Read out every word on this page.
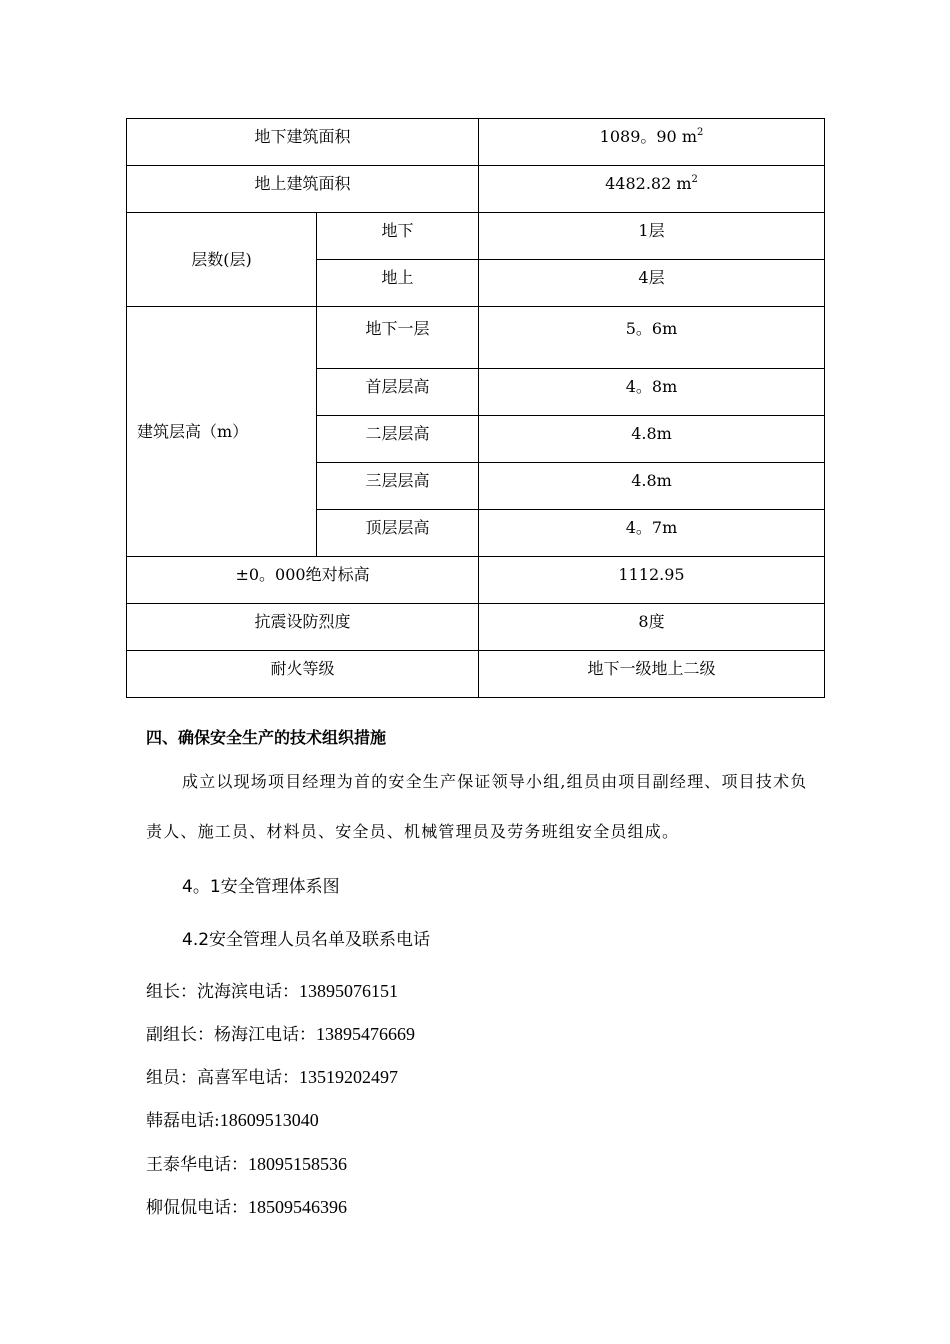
地下建筑面积		1089。90 $m^2$
地上建筑面积		4482.82 $m^2$
层数(层)	地下	1层
	地上	4层
建筑层高（m）	地下一层	5。6m
	首层层高	4。8m
	二层层高	4.8m
	三层层高	4.8m
	顶层层高	4。7m
±0。000绝对标高		1112.95
抗震设防烈度		8度
耐火等级		地下一级地上二级
四、确保安全生产的技术组织措施
成立以现场项目经理为首的安全生产保证领导小组,组员由项目副经理、项目技术负责人、施工员、材料员、安全员、机械管理员及劳务班组安全员组成。
4。1安全管理体系图
4.2安全管理人员名单及联系电话
组长：沈海滨电话：13895076151
副组长：杨海江电话：13895476669
组员：高喜军电话：13519202497
韩磊电话:18609513040
王泰华电话：18095158536
柳侃侃电话：18509546396
